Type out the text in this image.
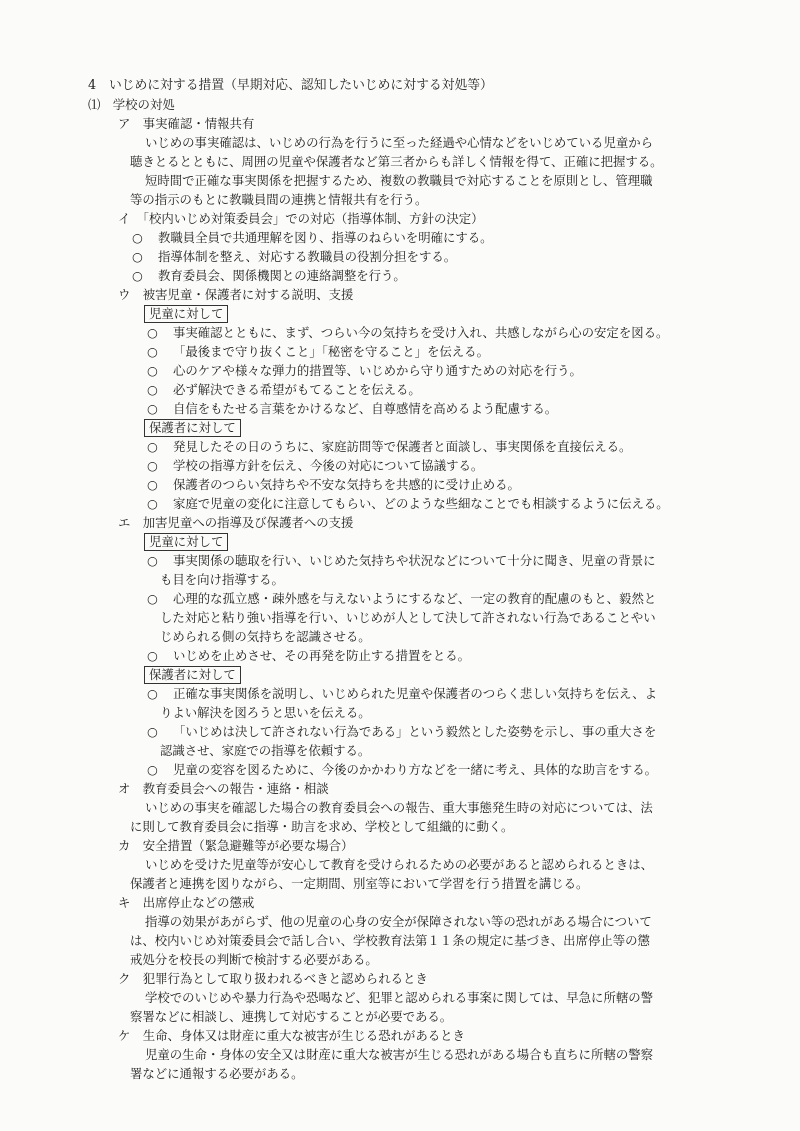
4　いじめに対する措置（早期対応、認知したいじめに対する対処等）
⑴　学校の対処
ア　事実確認・情報共有
いじめの事実確認は、いじめの行為を行うに至った経過や心情などをいじめている児童から
聴きとるとともに、周囲の児童や保護者など第三者からも詳しく情報を得て、正確に把握する。
短時間で正確な事実関係を把握するため、複数の教職員で対応することを原則とし、管理職
等の指示のもとに教職員間の連携と情報共有を行う。
イ　「校内いじめ対策委員会」での対応（指導体制、方針の決定）
○ 教職員全員で共通理解を図り、指導のねらいを明確にする。
○ 指導体制を整え、対応する教職員の役割分担をする。
○ 教育委員会、関係機関との連絡調整を行う。
ウ　被害児童・保護者に対する説明、支援
児童に対して
○ 事実確認とともに、まず、つらい今の気持ちを受け入れ、共感しながら心の安定を図る。
○ 「最後まで守り抜くこと」「秘密を守ること」を伝える。
○ 心のケアや様々な弾力的措置等、いじめから守り通すための対応を行う。
○ 必ず解決できる希望がもてることを伝える。
○ 自信をもたせる言葉をかけるなど、自尊感情を高めるよう配慮する。
保護者に対して
○ 発見したその日のうちに、家庭訪問等で保護者と面談し、事実関係を直接伝える。
○ 学校の指導方針を伝え、今後の対応について協議する。
○ 保護者のつらい気持ちや不安な気持ちを共感的に受け止める。
○ 家庭で児童の変化に注意してもらい、どのような些細なことでも相談するように伝える。
エ　加害児童への指導及び保護者への支援
児童に対して
○ 事実関係の聴取を行い、いじめた気持ちや状況などについて十分に聞き、児童の背景に
も目を向け指導する。
○ 心理的な孤立感・疎外感を与えないようにするなど、一定の教育的配慮のもと、毅然と
した対応と粘り強い指導を行い、いじめが人として決して許されない行為であることやい
じめられる側の気持ちを認識させる。
○ いじめを止めさせ、その再発を防止する措置をとる。
保護者に対して
○ 正確な事実関係を説明し、いじめられた児童や保護者のつらく悲しい気持ちを伝え、よ
りよい解決を図ろうと思いを伝える。
○ 「いじめは決して許されない行為である」という毅然とした姿勢を示し、事の重大さを
認識させ、家庭での指導を依頼する。
○ 児童の変容を図るために、今後のかかわり方などを一緒に考え、具体的な助言をする。
オ　教育委員会への報告・連絡・相談
いじめの事実を確認した場合の教育委員会への報告、重大事態発生時の対応については、法
に則して教育委員会に指導・助言を求め、学校として組織的に動く。
カ　安全措置（緊急避難等が必要な場合）
いじめを受けた児童等が安心して教育を受けられるための必要があると認められるときは、
保護者と連携を図りながら、一定期間、別室等において学習を行う措置を講じる。
キ　出席停止などの懲戒
指導の効果があがらず、他の児童の心身の安全が保障されない等の恐れがある場合について
は、校内いじめ対策委員会で話し合い、学校教育法第１１条の規定に基づき、出席停止等の懲
戒処分を校長の判断で検討する必要がある。
ク　犯罪行為として取り扱われるべきと認められるとき
学校でのいじめや暴力行為や恐喝など、犯罪と認められる事案に関しては、早急に所轄の警
察署などに相談し、連携して対応することが必要である。
ケ　生命、身体又は財産に重大な被害が生じる恐れがあるとき
児童の生命・身体の安全又は財産に重大な被害が生じる恐れがある場合も直ちに所轄の警察
署などに通報する必要がある。
